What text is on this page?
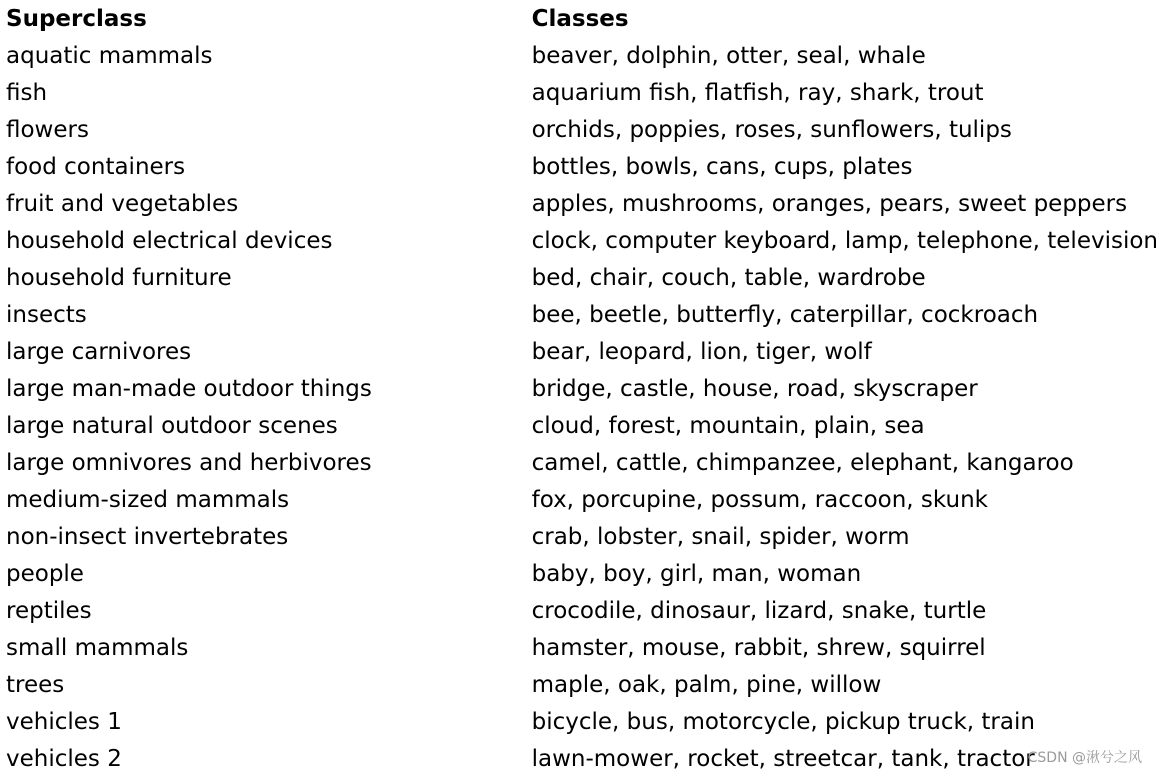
Superclass	Classes
aquatic mammals	beaver, dolphin, otter, seal, whale
fish	aquarium fish, flatfish, ray, shark, trout
flowers	orchids, poppies, roses, sunflowers, tulips
food containers	bottles, bowls, cans, cups, plates
fruit and vegetables	apples, mushrooms, oranges, pears, sweet peppers
household electrical devices	clock, computer keyboard, lamp, telephone, television
household furniture	bed, chair, couch, table, wardrobe
insects	bee, beetle, butterfly, caterpillar, cockroach
large carnivores	bear, leopard, lion, tiger, wolf
large man-made outdoor things	bridge, castle, house, road, skyscraper
large natural outdoor scenes	cloud, forest, mountain, plain, sea
large omnivores and herbivores	camel, cattle, chimpanzee, elephant, kangaroo
medium-sized mammals	fox, porcupine, possum, raccoon, skunk
non-insect invertebrates	crab, lobster, snail, spider, worm
people	baby, boy, girl, man, woman
reptiles	crocodile, dinosaur, lizard, snake, turtle
small mammals	hamster, mouse, rabbit, shrew, squirrel
trees	maple, oak, palm, pine, willow
vehicles 1	bicycle, bus, motorcycle, pickup truck, train
vehicles 2	lawn-mower, rocket, streetcar, tank, tractor
CSDN @湫兮之风
